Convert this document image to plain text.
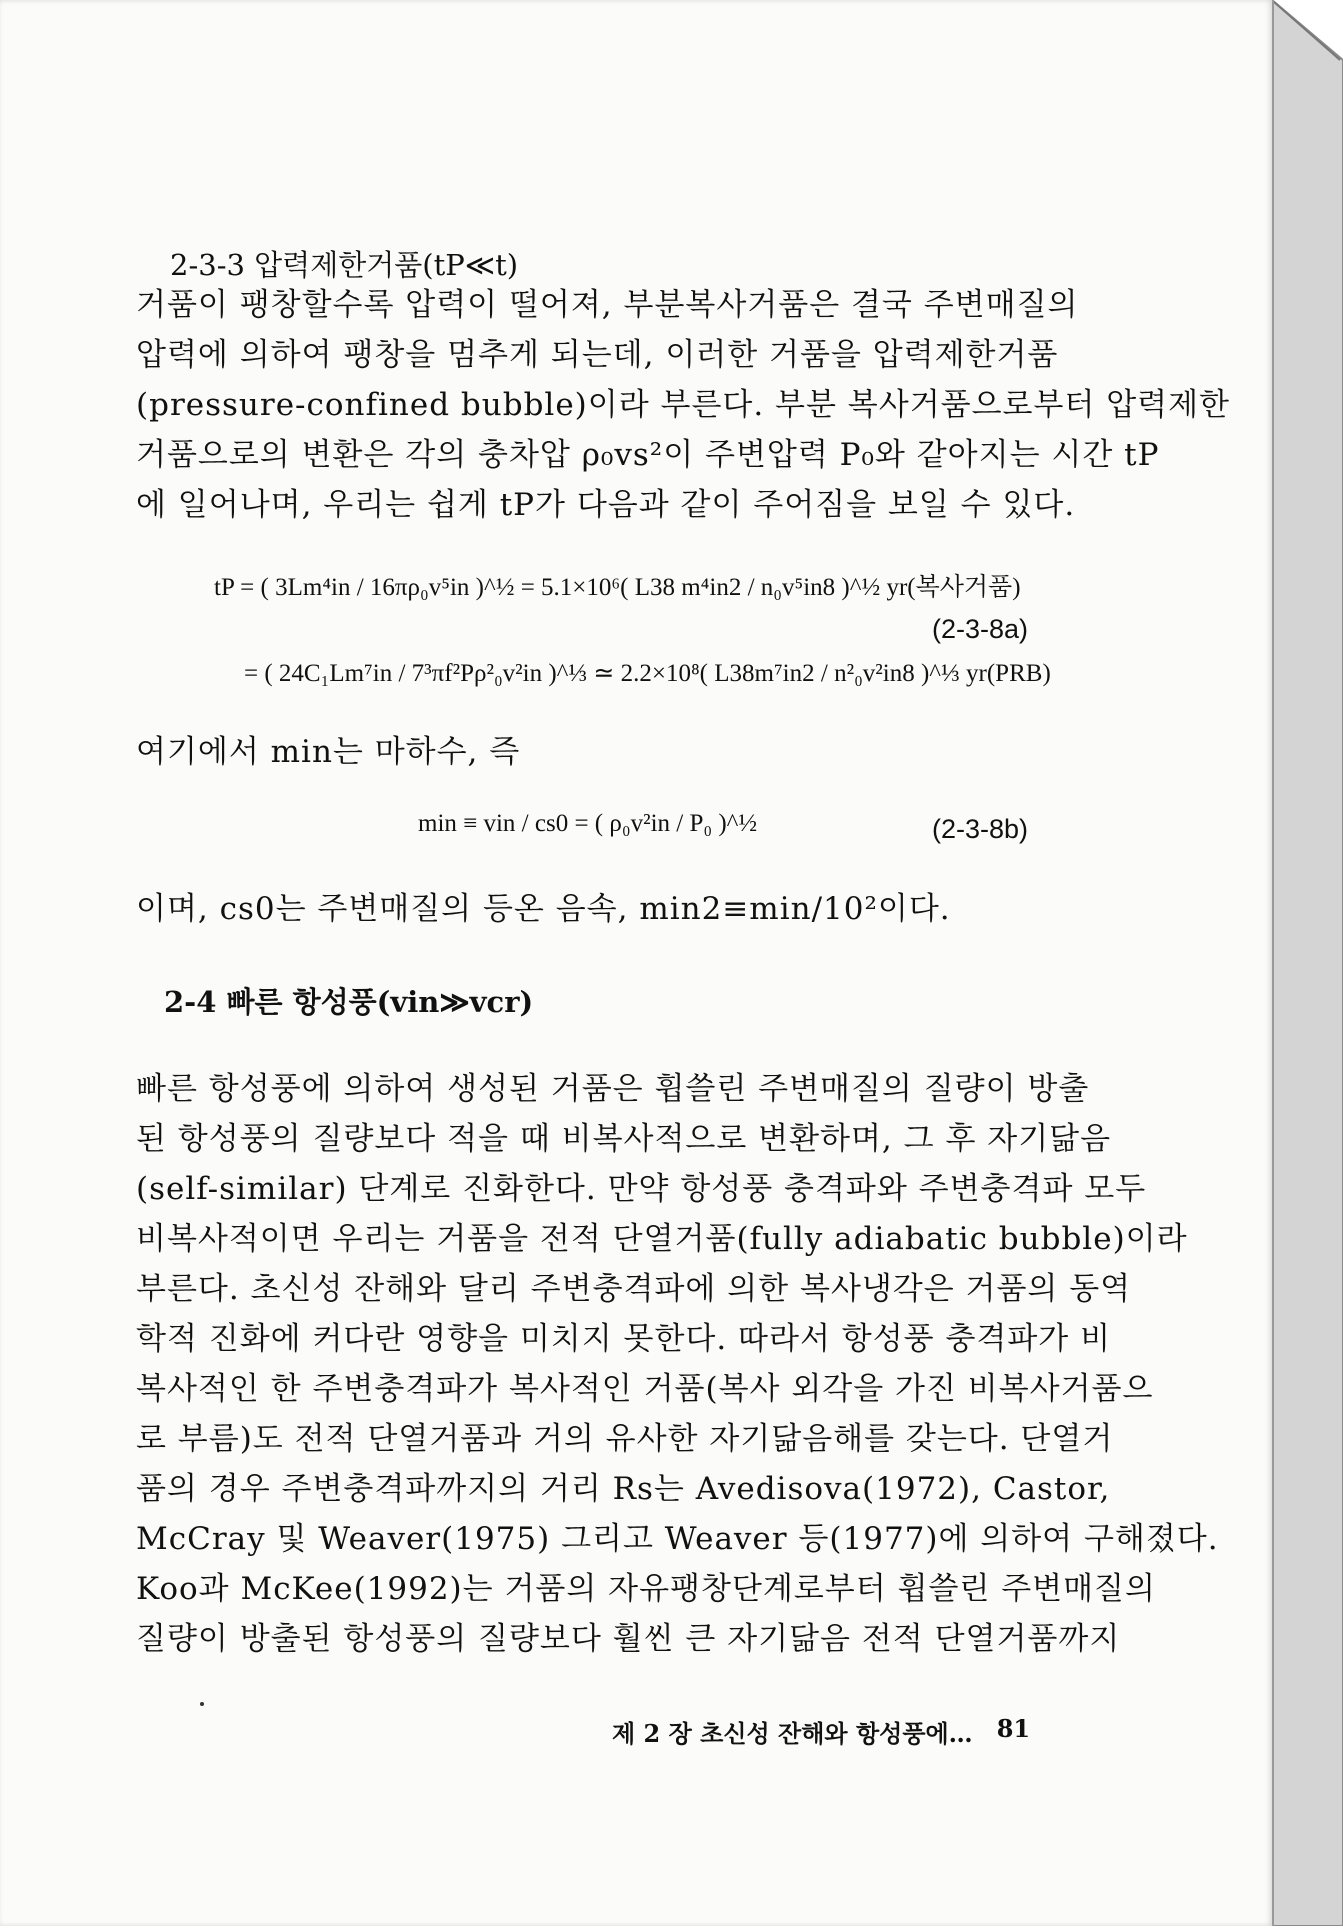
2-3-3 압력제한거품(tP≪t)
거품이 팽창할수록 압력이 떨어져, 부분복사거품은 결국 주변매질의
압력에 의하여 팽창을 멈추게 되는데, 이러한 거품을 압력제한거품
(pressure-confined bubble)이라 부른다. 부분 복사거품으로부터 압력제한
거품으로의 변환은 각의 충차압 ρ₀vs²이 주변압력 P₀와 같아지는 시간 tP
에 일어나며, 우리는 쉽게 tP가 다음과 같이 주어짐을 보일 수 있다.
tP = ( 3Lm⁴in / 16πρ₀v⁵in )^½ = 5.1×10⁶( L38 m⁴in2 / n₀v⁵in8 )^½ yr(복사거품)
= ( 24C₁Lm⁷in / 7³πf²Pρ²₀v²in )^⅓ ≃ 2.2×10⁸( L38m⁷in2 / n²₀v²in8 )^⅓ yr(PRB)
(2-3-8a)
여기에서 min는 마하수, 즉
min ≡ vin / cs0 = ( ρ₀v²in / P₀ )^½	(2-3-8b)
이며, cs0는 주변매질의 등온 음속, min2≡min/10²이다.
2-4 빠른 항성풍(vin≫vcr)
빠른 항성풍에 의하여 생성된 거품은 휩쓸린 주변매질의 질량이 방출
된 항성풍의 질량보다 적을 때 비복사적으로 변환하며, 그 후 자기닮음
(self-similar) 단계로 진화한다. 만약 항성풍 충격파와 주변충격파 모두
비복사적이면 우리는 거품을 전적 단열거품(fully adiabatic bubble)이라
부른다. 초신성 잔해와 달리 주변충격파에 의한 복사냉각은 거품의 동역
학적 진화에 커다란 영향을 미치지 못한다. 따라서 항성풍 충격파가 비
복사적인 한 주변충격파가 복사적인 거품(복사 외각을 가진 비복사거품으
로 부름)도 전적 단열거품과 거의 유사한 자기닮음해를 갖는다. 단열거
품의 경우 주변충격파까지의 거리 Rs는 Avedisova(1972), Castor,
McCray 및 Weaver(1975) 그리고 Weaver 등(1977)에 의하여 구해졌다.
Koo과 McKee(1992)는 거품의 자유팽창단계로부터 휩쓸린 주변매질의
질량이 방출된 항성풍의 질량보다 훨씬 큰 자기닮음 전적 단열거품까지
제 2 장 초신성 잔해와 항성풍에… 81
